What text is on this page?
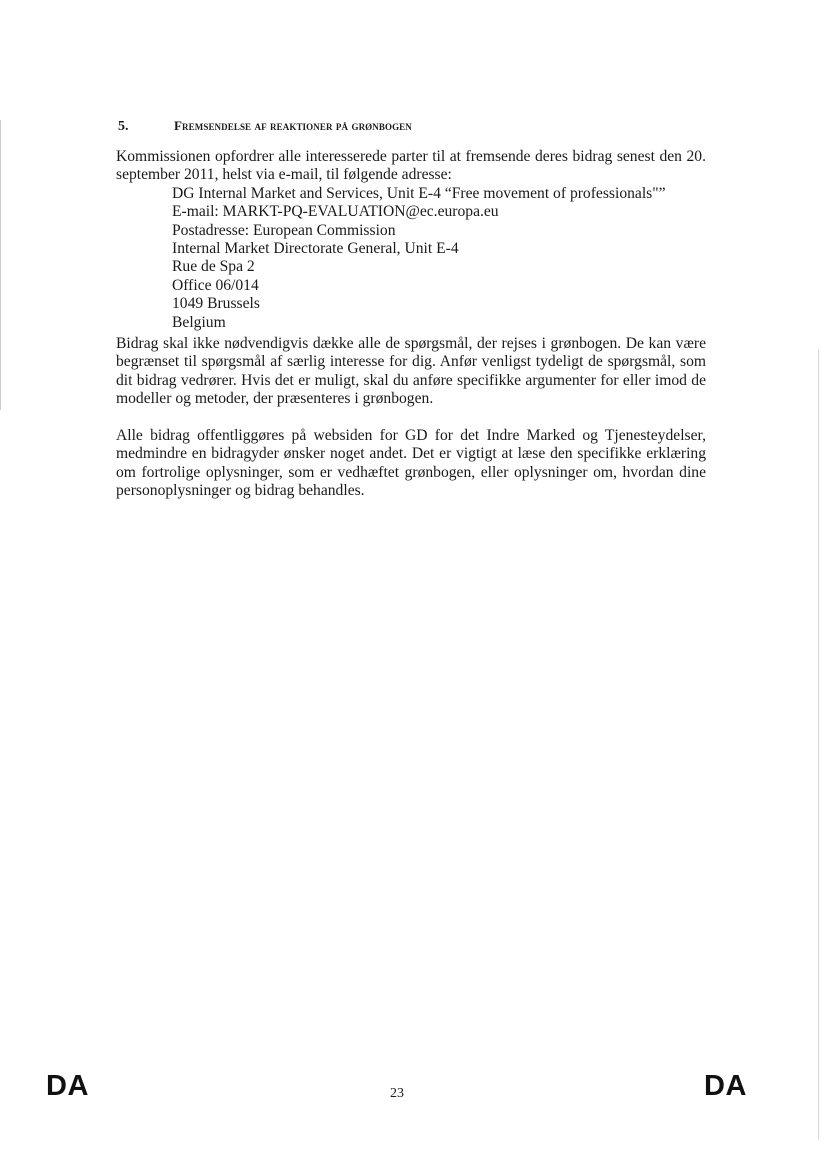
5.	Fremsendelse af reaktioner på grønbogen

Kommissionen opfordrer alle interesserede parter til at fremsende deres bidrag senest den 20. september 2011, helst via e-mail, til følgende adresse:

DG Internal Market and Services, Unit E-4 “Free movement of professionals"”
E-mail: MARKT-PQ-EVALUATION@ec.europa.eu
Postadresse: European Commission
Internal Market Directorate General, Unit E-4
Rue de Spa 2
Office 06/014
1049 Brussels
Belgium

Bidrag skal ikke nødvendigvis dække alle de spørgsmål, der rejses i grønbogen. De kan være begrænset til spørgsmål af særlig interesse for dig. Anfør venligst tydeligt de spørgsmål, som dit bidrag vedrører. Hvis det er muligt, skal du anføre specifikke argumenter for eller imod de modeller og metoder, der præsenteres i grønbogen.

Alle bidrag offentliggøres på websiden for GD for det Indre Marked og Tjenesteydelser, medmindre en bidragyder ønsker noget andet. Det er vigtigt at læse den specifikke erklæring om fortrolige oplysninger, som er vedhæftet grønbogen, eller oplysninger om, hvordan dine personoplysninger og bidrag behandles.

DA	23	DA
